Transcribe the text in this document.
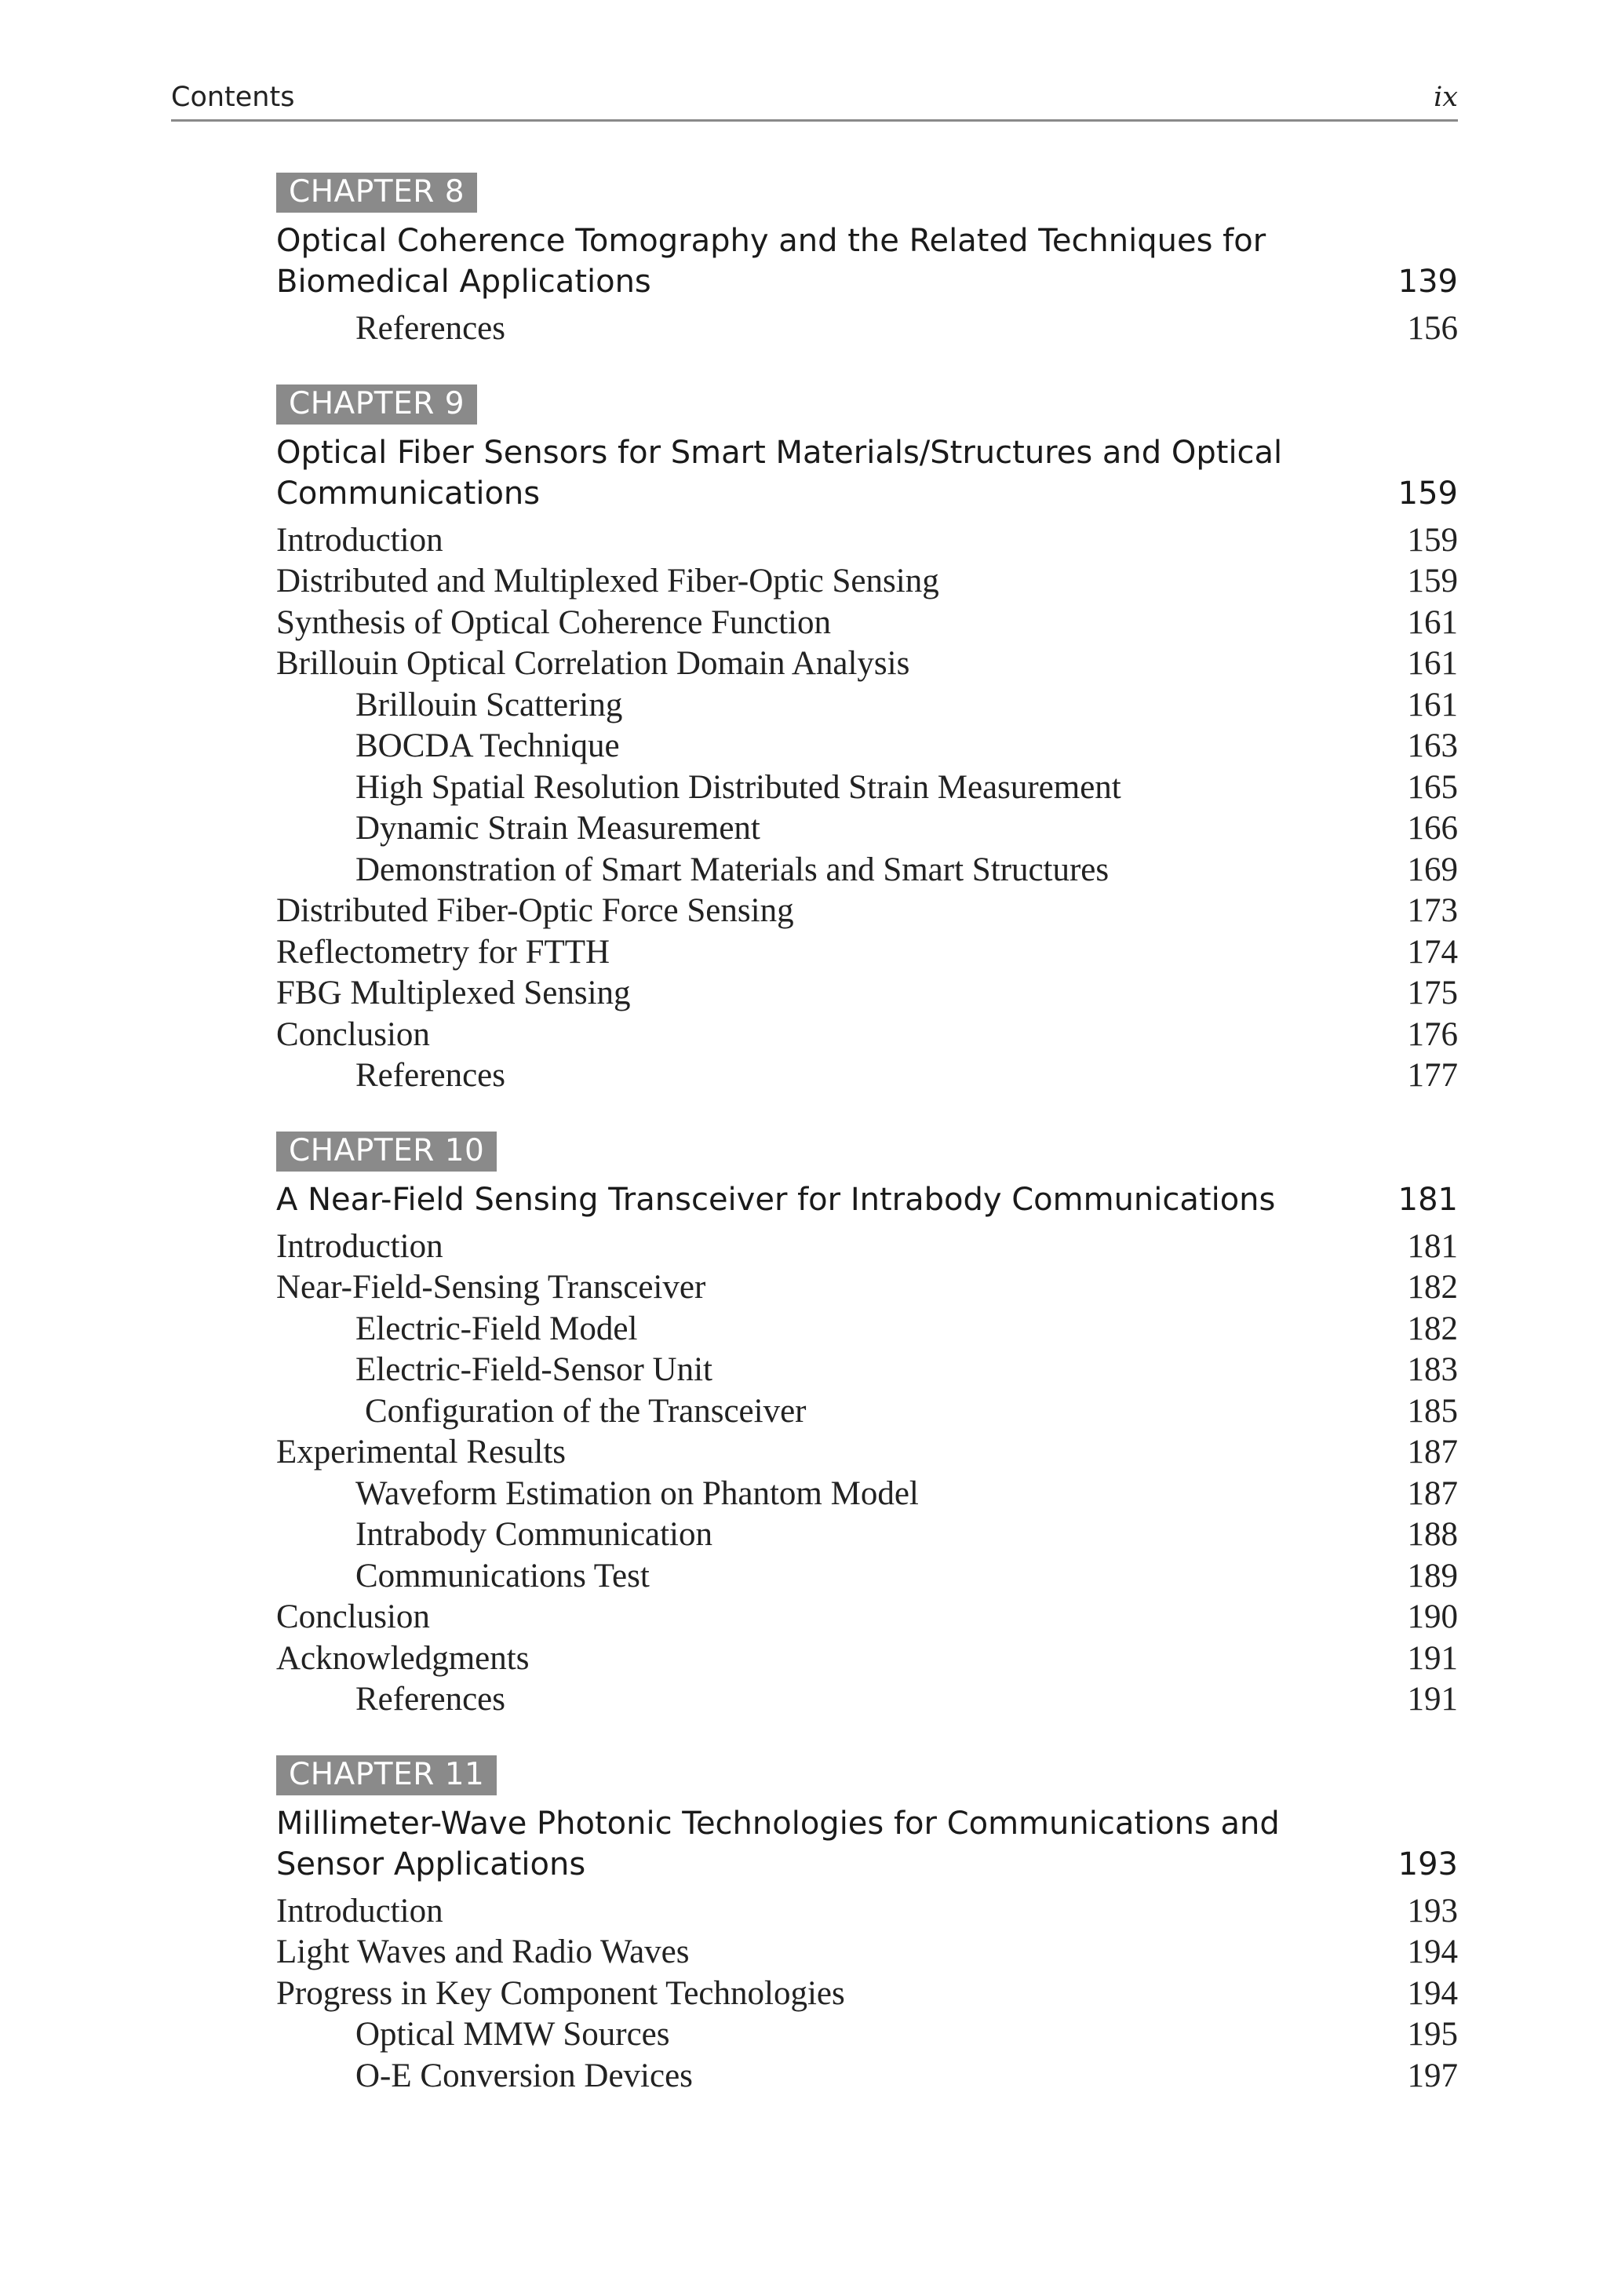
Contents	ix
CHAPTER 8
Optical Coherence Tomography and the Related Techniques for
Biomedical Applications	139
References	156
CHAPTER 9
Optical Fiber Sensors for Smart Materials/Structures and Optical
Communications	159
Introduction	159
Distributed and Multiplexed Fiber-Optic Sensing	159
Synthesis of Optical Coherence Function	161
Brillouin Optical Correlation Domain Analysis	161
Brillouin Scattering	161
BOCDA Technique	163
High Spatial Resolution Distributed Strain Measurement	165
Dynamic Strain Measurement	166
Demonstration of Smart Materials and Smart Structures	169
Distributed Fiber-Optic Force Sensing	173
Reflectometry for FTTH	174
FBG Multiplexed Sensing	175
Conclusion	176
References	177
CHAPTER 10
A Near-Field Sensing Transceiver for Intrabody Communications	181
Introduction	181
Near-Field-Sensing Transceiver	182
Electric-Field Model	182
Electric-Field-Sensor Unit	183
Configuration of the Transceiver	185
Experimental Results	187
Waveform Estimation on Phantom Model	187
Intrabody Communication	188
Communications Test	189
Conclusion	190
Acknowledgments	191
References	191
CHAPTER 11
Millimeter-Wave Photonic Technologies for Communications and
Sensor Applications	193
Introduction	193
Light Waves and Radio Waves	194
Progress in Key Component Technologies	194
Optical MMW Sources	195
O-E Conversion Devices	197
